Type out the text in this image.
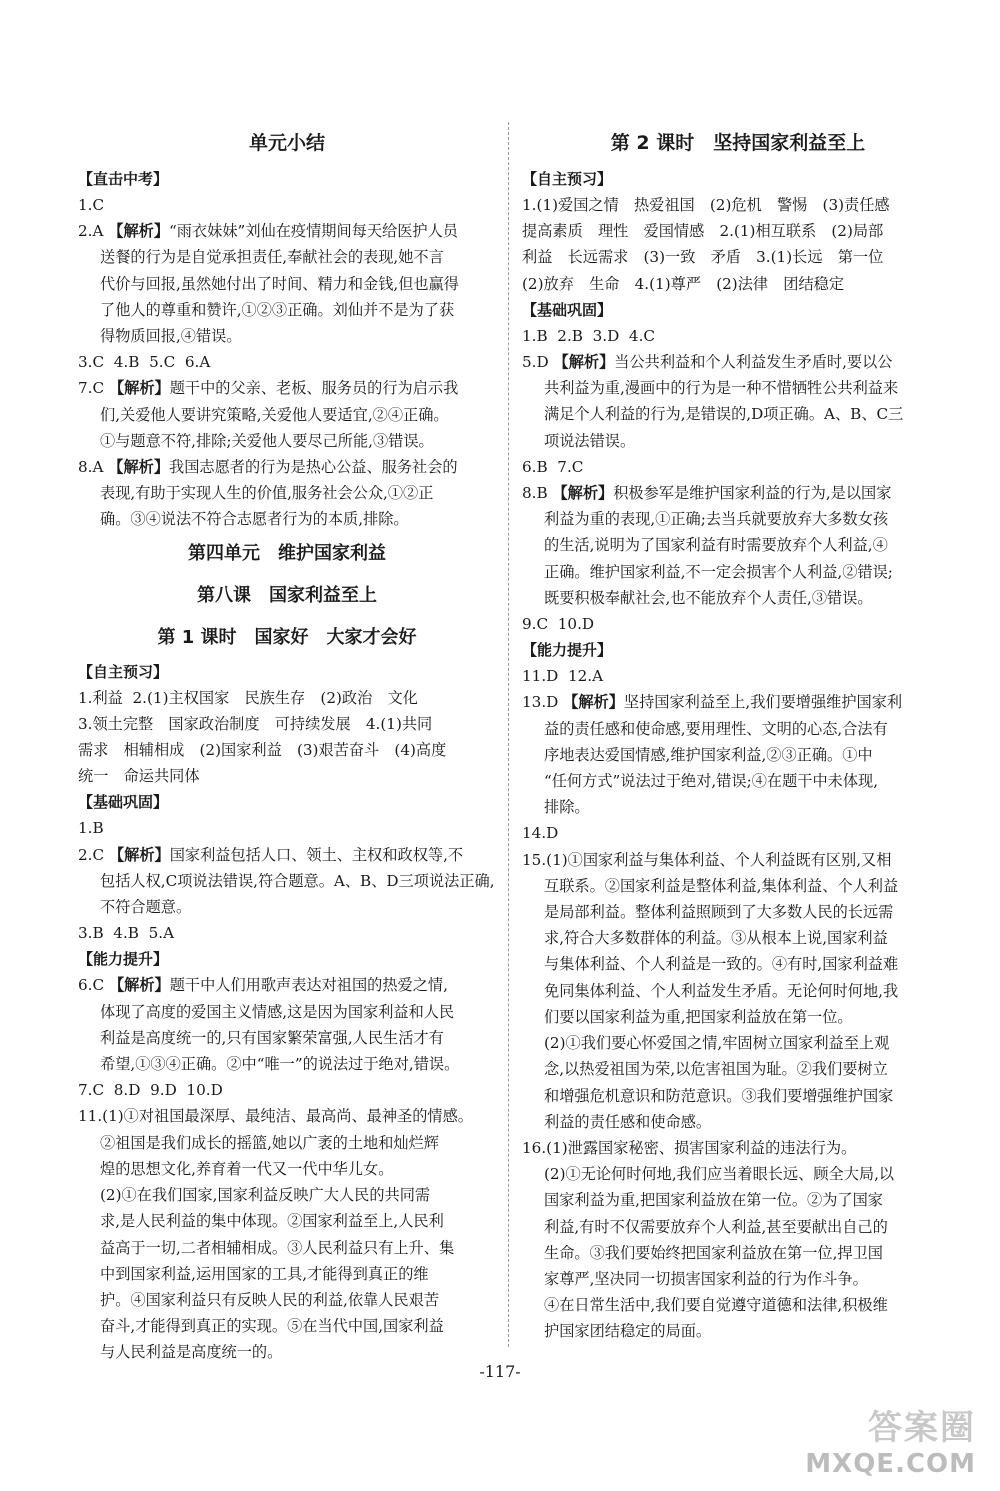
单元小结
【直击中考】
1.C
2.A 【解析】“雨衣妹妹”刘仙在疫情期间每天给医护人员
送餐的行为是自觉承担责任,奉献社会的表现,她不言
代价与回报,虽然她付出了时间、精力和金钱,但也赢得
了他人的尊重和赞许,①②③正确。刘仙并不是为了获
得物质回报,④错误。
3.C  4.B  5.C  6.A
7.C 【解析】题干中的父亲、老板、服务员的行为启示我
们,关爱他人要讲究策略,关爱他人要适宜,②④正确。
①与题意不符,排除;关爱他人要尽己所能,③错误。
8.A 【解析】我国志愿者的行为是热心公益、服务社会的
表现,有助于实现人生的价值,服务社会公众,①②正
确。③④说法不符合志愿者行为的本质,排除。
第四单元　维护国家利益
第八课　国家利益至上
第 1 课时　国家好　大家才会好
【自主预习】
1.利益  2.(1)主权国家　民族生存　(2)政治　文化
3.领土完整　国家政治制度　可持续发展　4.(1)共同
需求　相辅相成　(2)国家利益　(3)艰苦奋斗　(4)高度
统一　命运共同体
【基础巩固】
1.B
2.C 【解析】国家利益包括人口、领土、主权和政权等,不
包括人权,C项说法错误,符合题意。A、B、D三项说法正确,
不符合题意。
3.B  4.B  5.A
【能力提升】
6.C 【解析】题干中人们用歌声表达对祖国的热爱之情,
体现了高度的爱国主义情感,这是因为国家利益和人民
利益是高度统一的,只有国家繁荣富强,人民生活才有
希望,①③④正确。②中“唯一”的说法过于绝对,错误。
7.C  8.D  9.D  10.D
11.(1)①对祖国最深厚、最纯洁、最高尚、最神圣的情感。
②祖国是我们成长的摇篮,她以广袤的土地和灿烂辉
煌的思想文化,养育着一代又一代中华儿女。
(2)①在我们国家,国家利益反映广大人民的共同需
求,是人民利益的集中体现。②国家利益至上,人民利
益高于一切,二者相辅相成。③人民利益只有上升、集
中到国家利益,运用国家的工具,才能得到真正的维
护。④国家利益只有反映人民的利益,依靠人民艰苦
奋斗,才能得到真正的实现。⑤在当代中国,国家利益
与人民利益是高度统一的。
第 2 课时　坚持国家利益至上
【自主预习】
1.(1)爱国之情　热爱祖国　(2)危机　警惕　(3)责任感
提高素质　理性　爱国情感　2.(1)相互联系　(2)局部
利益　长远需求　(3)一致　矛盾　3.(1)长远　第一位
(2)放弃　生命　4.(1)尊严　(2)法律　团结稳定
【基础巩固】
1.B  2.B  3.D  4.C
5.D 【解析】当公共利益和个人利益发生矛盾时,要以公
共利益为重,漫画中的行为是一种不惜牺牲公共利益来
满足个人利益的行为,是错误的,D项正确。A、B、C三
项说法错误。
6.B  7.C
8.B 【解析】积极参军是维护国家利益的行为,是以国家
利益为重的表现,①正确;去当兵就要放弃大多数女孩
的生活,说明为了国家利益有时需要放弃个人利益,④
正确。维护国家利益,不一定会损害个人利益,②错误;
既要积极奉献社会,也不能放弃个人责任,③错误。
9.C  10.D
【能力提升】
11.D  12.A
13.D 【解析】坚持国家利益至上,我们要增强维护国家利
益的责任感和使命感,要用理性、文明的心态,合法有
序地表达爱国情感,维护国家利益,②③正确。①中
“任何方式”说法过于绝对,错误;④在题干中未体现,
排除。
14.D
15.(1)①国家利益与集体利益、个人利益既有区别,又相
互联系。②国家利益是整体利益,集体利益、个人利益
是局部利益。整体利益照顾到了大多数人民的长远需
求,符合大多数群体的利益。③从根本上说,国家利益
与集体利益、个人利益是一致的。④有时,国家利益难
免同集体利益、个人利益发生矛盾。无论何时何地,我
们要以国家利益为重,把国家利益放在第一位。
(2)①我们要心怀爱国之情,牢固树立国家利益至上观
念,以热爱祖国为荣,以危害祖国为耻。②我们要树立
和增强危机意识和防范意识。③我们要增强维护国家
利益的责任感和使命感。
16.(1)泄露国家秘密、损害国家利益的违法行为。
(2)①无论何时何地,我们应当着眼长远、顾全大局,以
国家利益为重,把国家利益放在第一位。②为了国家
利益,有时不仅需要放弃个人利益,甚至要献出自己的
生命。③我们要始终把国家利益放在第一位,捍卫国
家尊严,坚决同一切损害国家利益的行为作斗争。
④在日常生活中,我们要自觉遵守道德和法律,积极维
护国家团结稳定的局面。
-117-
答案圈
MXQE.COM
